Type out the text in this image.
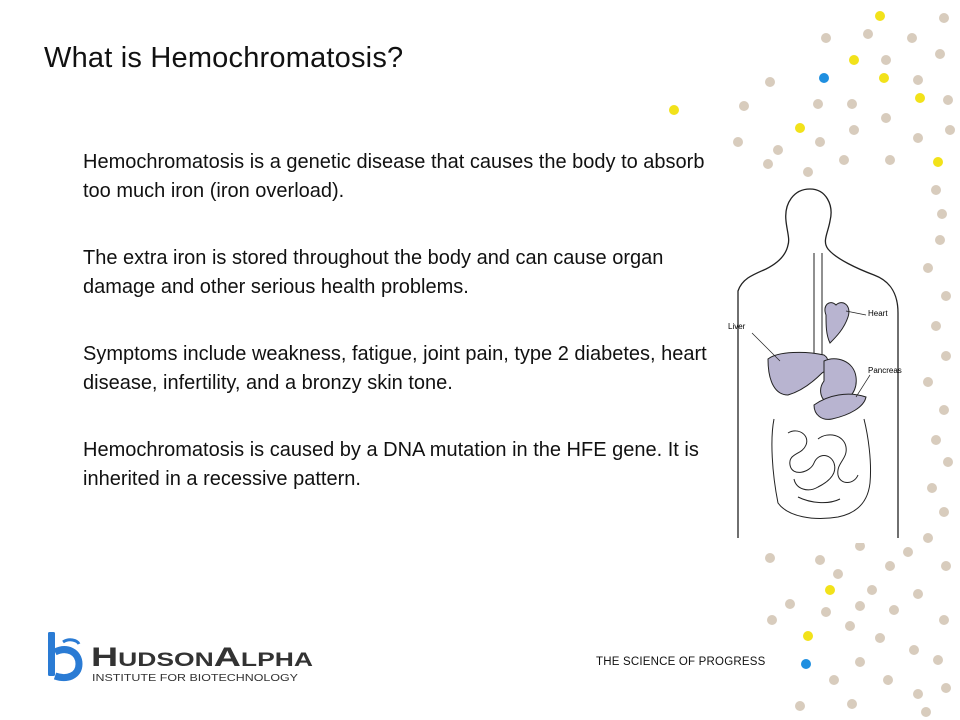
What is Hemochromatosis?

Hemochromatosis is a genetic disease that causes the body to absorb too much iron (iron overload).

The extra iron is stored throughout the body and can cause organ damage and other serious health problems.

Symptoms include weakness, fatigue, joint pain, type 2 diabetes, heart disease, infertility, and a bronzy skin tone.

Hemochromatosis is caused by a DNA mutation in the HFE gene. It is inherited in a recessive pattern.

Liver
Heart
Pancreas
HudsonAlpha
INSTITUTE FOR BIOTECHNOLOGY
THE SCIENCE OF PROGRESS
